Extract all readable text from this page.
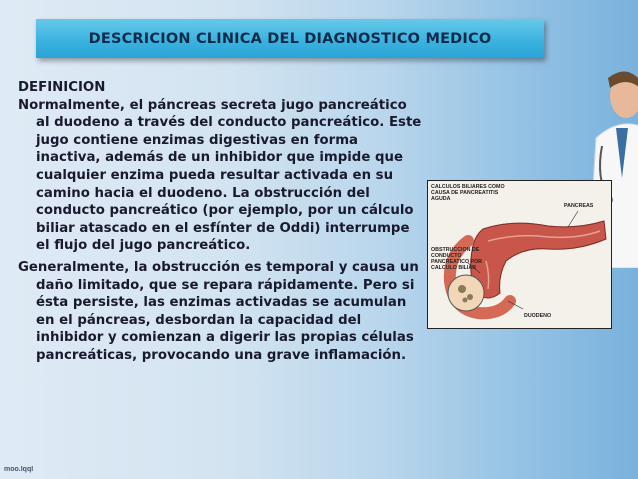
DESCRICION CLINICA DEL DIAGNOSTICO MEDICO

DEFINICION

Normalmente, el páncreas secreta jugo pancreático al duodeno a través del conducto pancreático. Este jugo contiene enzimas digestivas en forma inactiva, además de un inhibidor que impide que cualquier enzima pueda resultar activada en su camino hacia el duodeno. La obstrucción del conducto pancreático (por ejemplo, por un cálculo biliar atascado en el esfínter de Oddi) interrumpe el flujo del jugo pancreático.

Generalmente, la obstrucción es temporal y causa un daño limitado, que se repara rápidamente. Pero si ésta persiste, las enzimas activadas se acumulan en el páncreas, desbordan la capacidad del inhibidor y comienzan a digerir las propias células pancreáticas, provocando una grave inflamación.

CALCULOS BILIARES COMO CAUSA DE PANCREATITIS AGUDA
PANCREAS
OBSTRUCCION DE CONDUCTO PANCREATICO POR CALCULO BILIAR
DUODENO
moo.lqql
